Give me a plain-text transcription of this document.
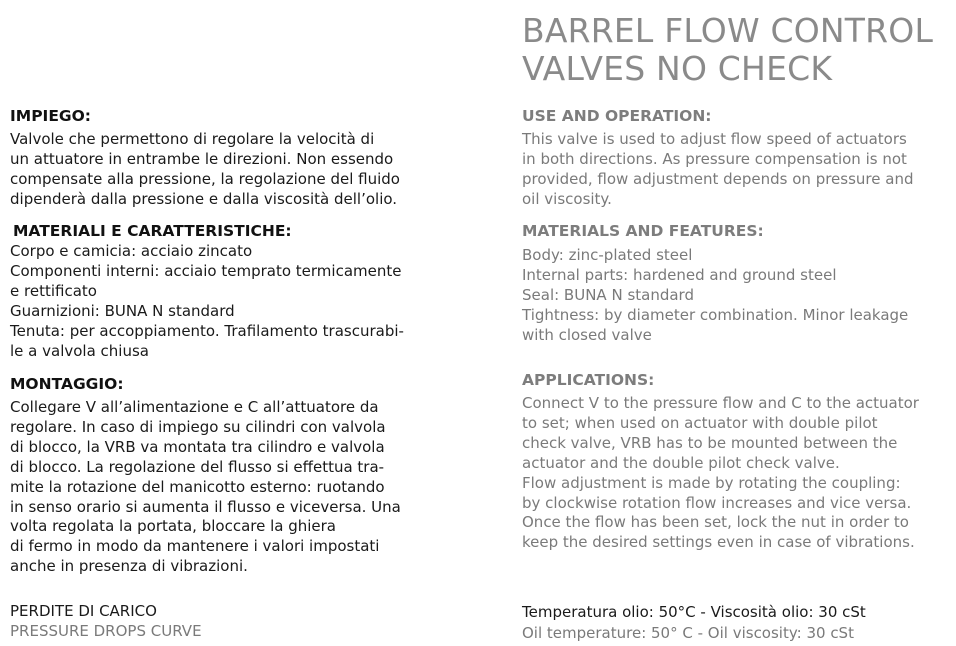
BARREL FLOW CONTROL
VALVES NO CHECK
IMPIEGO:
Valvole che permettono di regolare la velocità di
un attuatore in entrambe le direzioni. Non essendo
compensate alla pressione, la regolazione del fluido
dipenderà dalla pressione e dalla viscosità dell’olio.
MATERIALI E CARATTERISTICHE:
Corpo e camicia: acciaio zincato
Componenti interni: acciaio temprato termicamente
e rettificato
Guarnizioni: BUNA N standard
Tenuta: per accoppiamento. Trafilamento trascurabi-
le a valvola chiusa
MONTAGGIO:
Collegare V all’alimentazione e C all’attuatore da
regolare. In caso di impiego su cilindri con valvola
di blocco, la VRB va montata tra cilindro e valvola
di blocco. La regolazione del flusso si effettua tra-
mite la rotazione del manicotto esterno: ruotando
in senso orario si aumenta il flusso e viceversa. Una
volta regolata la portata, bloccare la ghiera
di fermo in modo da mantenere i valori impostati
anche in presenza di vibrazioni.
PERDITE DI CARICO
PRESSURE DROPS CURVE
USE AND OPERATION:
This valve is used to adjust flow speed of actuators
in both directions. As pressure compensation is not
provided, flow adjustment depends on pressure and
oil viscosity.
MATERIALS AND FEATURES:
Body: zinc-plated steel
Internal parts: hardened and ground steel
Seal: BUNA N standard
Tightness: by diameter combination. Minor leakage
with closed valve
APPLICATIONS:
Connect V to the pressure flow and C to the actuator
to set; when used on actuator with double pilot
check valve, VRB has to be mounted between the
actuator and the double pilot check valve.
Flow adjustment is made by rotating the coupling:
by clockwise rotation flow increases and vice versa.
Once the flow has been set, lock the nut in order to
keep the desired settings even in case of vibrations.
Temperatura olio: 50°C - Viscosità olio: 30 cSt
Oil temperature: 50° C - Oil viscosity: 30 cSt
